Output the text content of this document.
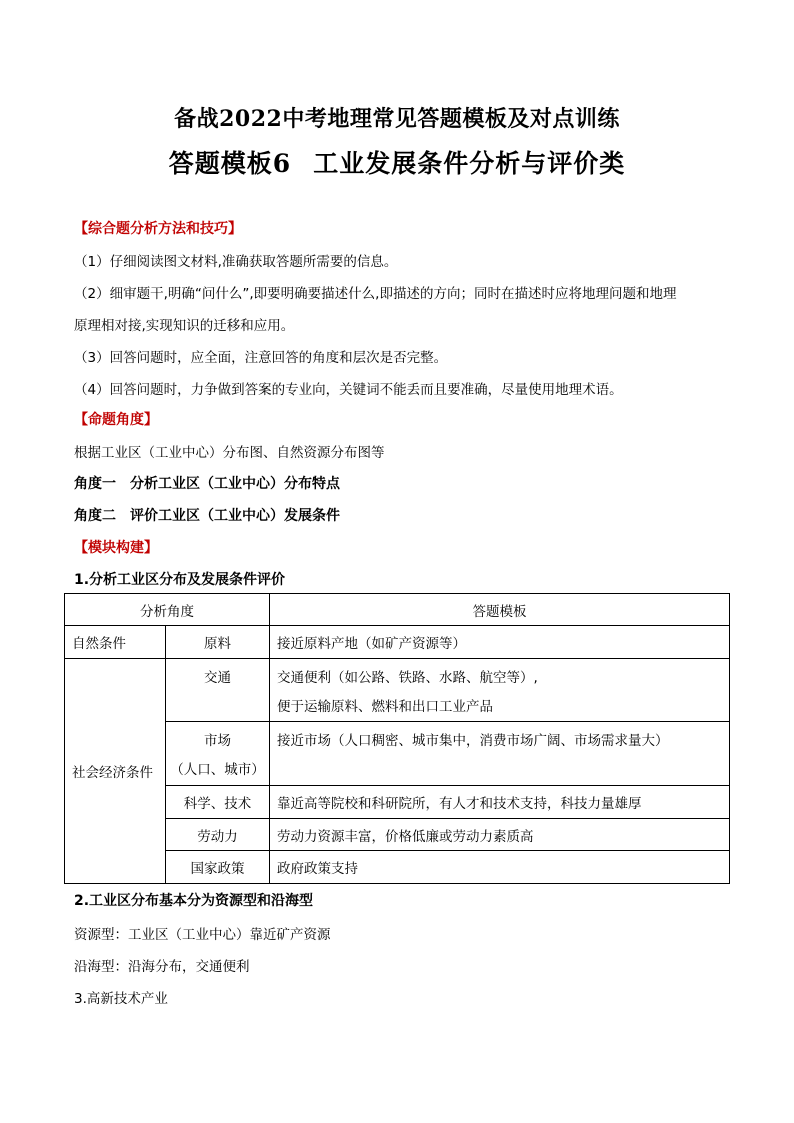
备战2022中考地理常见答题模板及对点训练
答题模板6 工业发展条件分析与评价类
【综合题分析方法和技巧】
（1）仔细阅读图文材料,准确获取答题所需要的信息。
（2）细审题干,明确“问什么”,即要明确要描述什么,即描述的方向；同时在描述时应将地理问题和地理
原理相对接,实现知识的迁移和应用。
（3）回答问题时，应全面，注意回答的角度和层次是否完整。
（4）回答问题时，力争做到答案的专业向，关键词不能丢而且要准确，尽量使用地理术语。
【命题角度】
根据工业区（工业中心）分布图、自然资源分布图等
角度一　分析工业区（工业中心）分布特点
角度二　评价工业区（工业中心）发展条件
【模块构建】
1.分析工业区分布及发展条件评价
分析角度		答题模板
自然条件	原料	接近原料产地（如矿产资源等）
社会经济条件	交通	交通便利（如公路、铁路、水路、航空等）,
便于运输原料、燃料和出口工业产品

	市场
（人口、城市）	接近市场（人口稠密、城市集中，消费市场广阔、市场需求量大）
	科学、技术	靠近高等院校和科研院所，有人才和技术支持，科技力量雄厚
	劳动力	劳动力资源丰富，价格低廉或劳动力素质高
	国家政策	政府政策支持
2.工业区分布基本分为资源型和沿海型
资源型：工业区（工业中心）靠近矿产资源
沿海型：沿海分布，交通便利
3.高新技术产业
